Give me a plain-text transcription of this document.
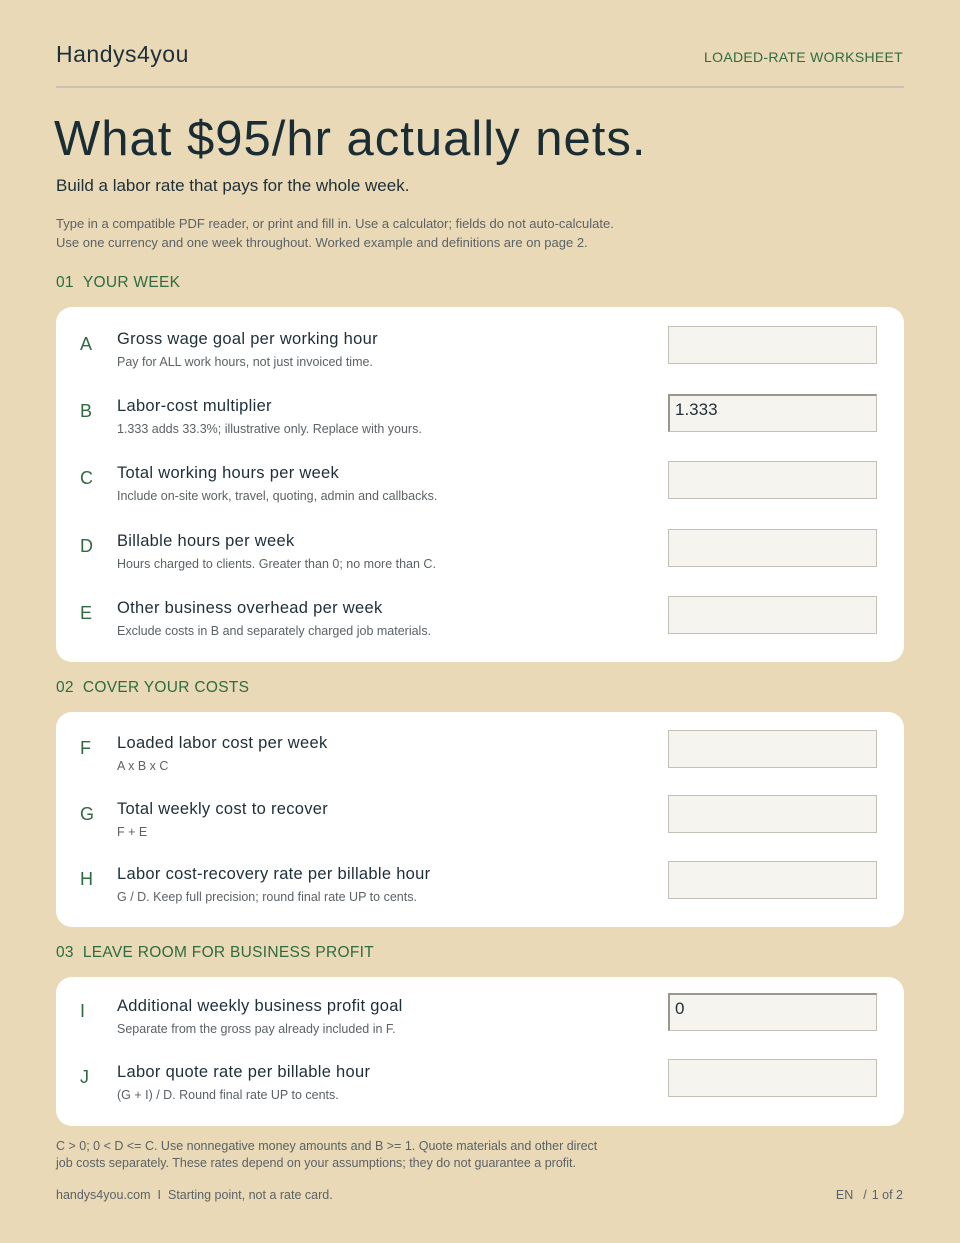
Handys4you	LOADED-RATE WORKSHEET
What $95/hr actually nets.
Build a labor rate that pays for the whole week.
Type in a compatible PDF reader, or print and fill in. Use a calculator; fields do not auto-calculate.
Use one currency and one week throughout. Worked example and definitions are on page 2.
01 YOUR WEEK
A Gross wage goal per working hour
Pay for ALL work hours, not just invoiced time.
B Labor-cost multiplier
1.333 adds 33.3%; illustrative only. Replace with yours.
1.333
C Total working hours per week
Include on-site work, travel, quoting, admin and callbacks.
D Billable hours per week
Hours charged to clients. Greater than 0; no more than C.
E Other business overhead per week
Exclude costs in B and separately charged job materials.
02 COVER YOUR COSTS
F Loaded labor cost per week
A x B x C
G Total weekly cost to recover
F + E
H Labor cost-recovery rate per billable hour
G / D. Keep full precision; round final rate UP to cents.
03 LEAVE ROOM FOR BUSINESS PROFIT
I Additional weekly business profit goal
Separate from the gross pay already included in F.
0
J Labor quote rate per billable hour
(G + I) / D. Round final rate UP to cents.
C > 0; 0 < D <= C. Use nonnegative money amounts and B >= 1. Quote materials and other direct
job costs separately. These rates depend on your assumptions; they do not guarantee a profit.
handys4you.com I Starting point, not a rate card.	EN / 1 of 2
